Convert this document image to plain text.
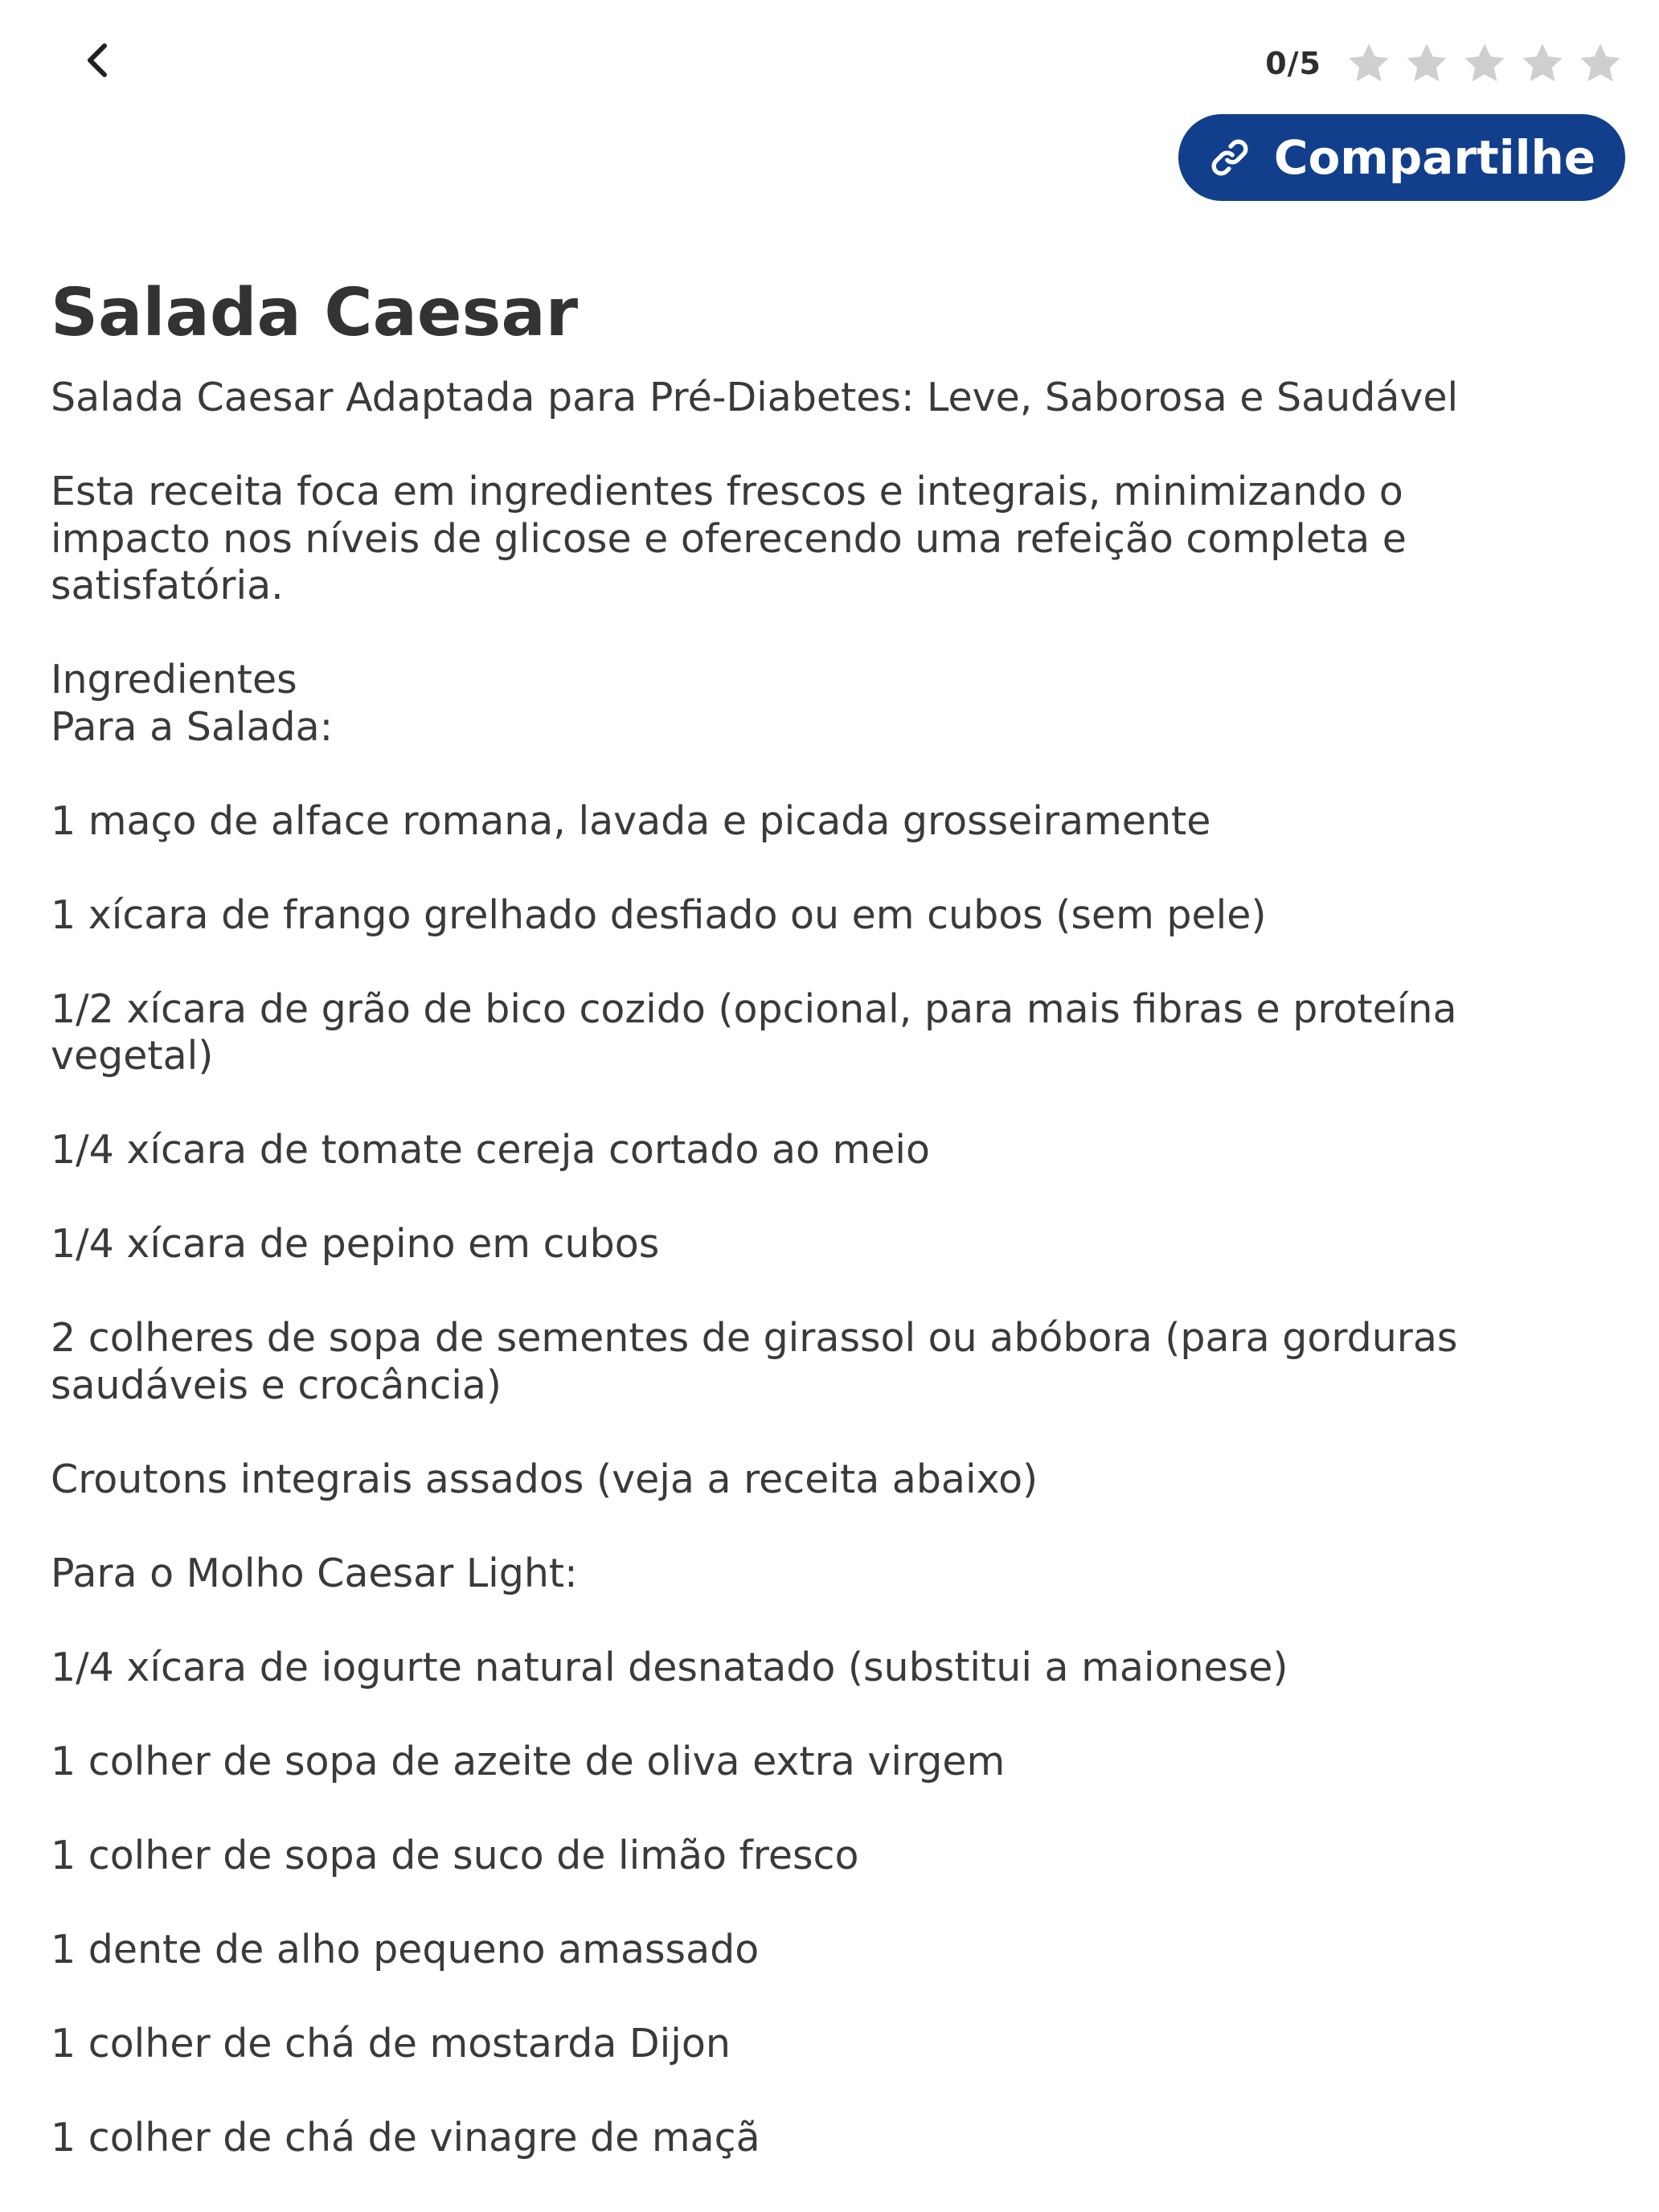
0/5
Compartilhe
Salada Caesar

Salada Caesar Adaptada para Pré-Diabetes: Leve, Saborosa e Saudável

Esta receita foca em ingredientes frescos e integrais, minimizando o impacto nos níveis de glicose e oferecendo uma refeição completa e satisfatória.

Ingredientes

Para a Salada:

1 maço de alface romana, lavada e picada grosseiramente

1 xícara de frango grelhado desfiado ou em cubos (sem pele)

1/2 xícara de grão de bico cozido (opcional, para mais fibras e proteína vegetal)

1/4 xícara de tomate cereja cortado ao meio

1/4 xícara de pepino em cubos

2 colheres de sopa de sementes de girassol ou abóbora (para gorduras saudáveis e crocância)

Croutons integrais assados (veja a receita abaixo)

Para o Molho Caesar Light:

1/4 xícara de iogurte natural desnatado (substitui a maionese)

1 colher de sopa de azeite de oliva extra virgem

1 colher de sopa de suco de limão fresco

1 dente de alho pequeno amassado

1 colher de chá de mostarda Dijon

1 colher de chá de vinagre de maçã
